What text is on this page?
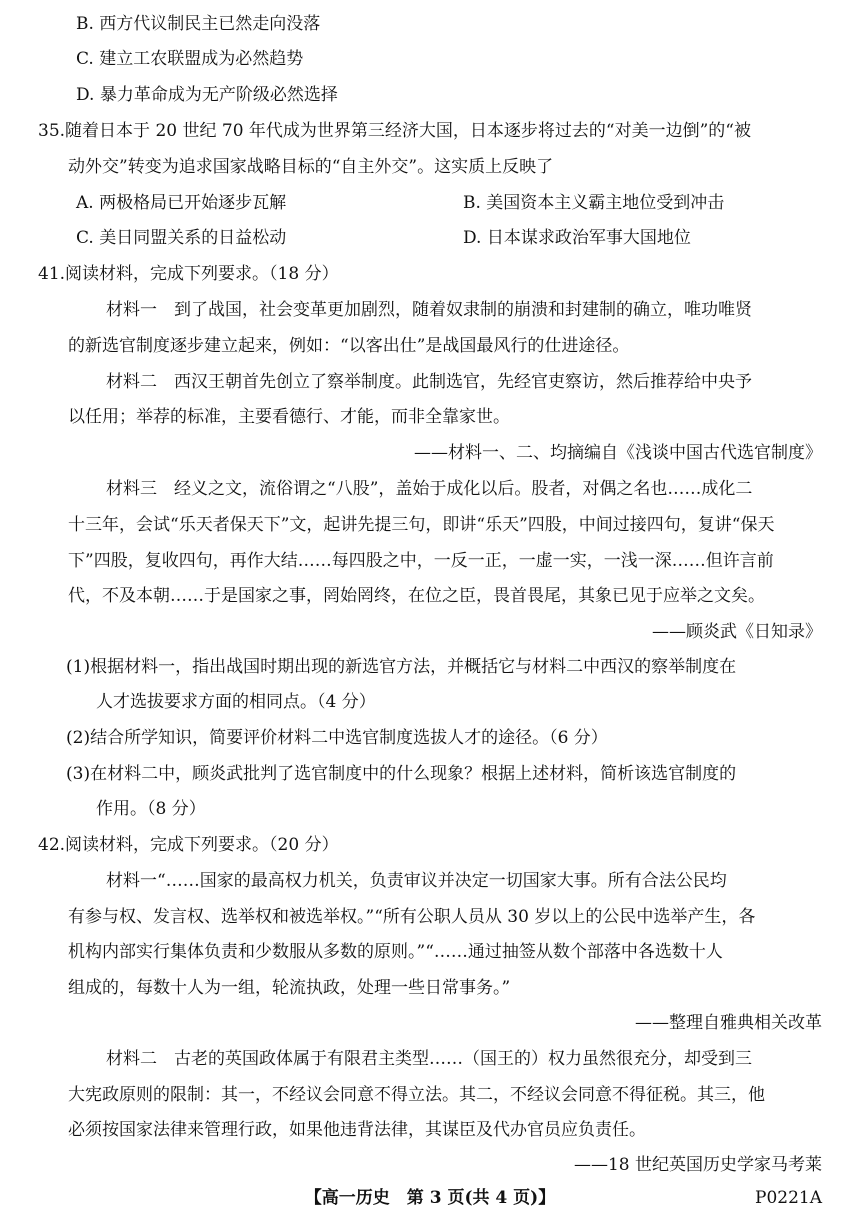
B. 西方代议制民主已然走向没落
C. 建立工农联盟成为必然趋势
D. 暴力革命成为无产阶级必然选择
35.随着日本于 20 世纪 70 年代成为世界第三经济大国，日本逐步将过去的“对美一边倒”的“被
动外交”转变为追求国家战略目标的“自主外交”。这实质上反映了
A. 两极格局已开始逐步瓦解	B. 美国资本主义霸主地位受到冲击
C. 美日同盟关系的日益松动	D. 日本谋求政治军事大国地位
41.阅读材料，完成下列要求。（18 分）
材料一　到了战国，社会变革更加剧烈，随着奴隶制的崩溃和封建制的确立，唯功唯贤
的新选官制度逐步建立起来，例如：“以客出仕”是战国最风行的仕进途径。
材料二　西汉王朝首先创立了察举制度。此制选官，先经官吏察访，然后推荐给中央予
以任用；举荐的标准，主要看德行、才能，而非全靠家世。
——材料一、二、均摘编自《浅谈中国古代选官制度》
材料三　经义之文，流俗谓之“八股”，盖始于成化以后。股者，对偶之名也……成化二
十三年，会试“乐天者保天下”文，起讲先提三句，即讲“乐天”四股，中间过接四句，复讲“保天
下”四股，复收四句，再作大结……每四股之中，一反一正，一虚一实，一浅一深……但许言前
代，不及本朝……于是国家之事，罔始罔终，在位之臣，畏首畏尾，其象已见于应举之文矣。
——顾炎武《日知录》
(1)根据材料一，指出战国时期出现的新选官方法，并概括它与材料二中西汉的察举制度在
人才选拔要求方面的相同点。（4 分）
(2)结合所学知识，简要评价材料二中选官制度选拔人才的途径。（6 分）
(3)在材料二中，顾炎武批判了选官制度中的什么现象？根据上述材料，简析该选官制度的
作用。（8 分）
42.阅读材料，完成下列要求。（20 分）
材料一“……国家的最高权力机关，负责审议并决定一切国家大事。所有合法公民均
有参与权、发言权、选举权和被选举权。”“所有公职人员从 30 岁以上的公民中选举产生，各
机构内部实行集体负责和少数服从多数的原则。”“……通过抽签从数个部落中各选数十人
组成的，每数十人为一组，轮流执政，处理一些日常事务。”
——整理自雅典相关改革
材料二　古老的英国政体属于有限君主类型……（国王的）权力虽然很充分，却受到三
大宪政原则的限制：其一，不经议会同意不得立法。其二，不经议会同意不得征税。其三，他
必须按国家法律来管理行政，如果他违背法律，其谋臣及代办官员应负责任。
——18 世纪英国历史学家马考莱
【高一历史　第 3 页(共 4 页)】	P0221A
